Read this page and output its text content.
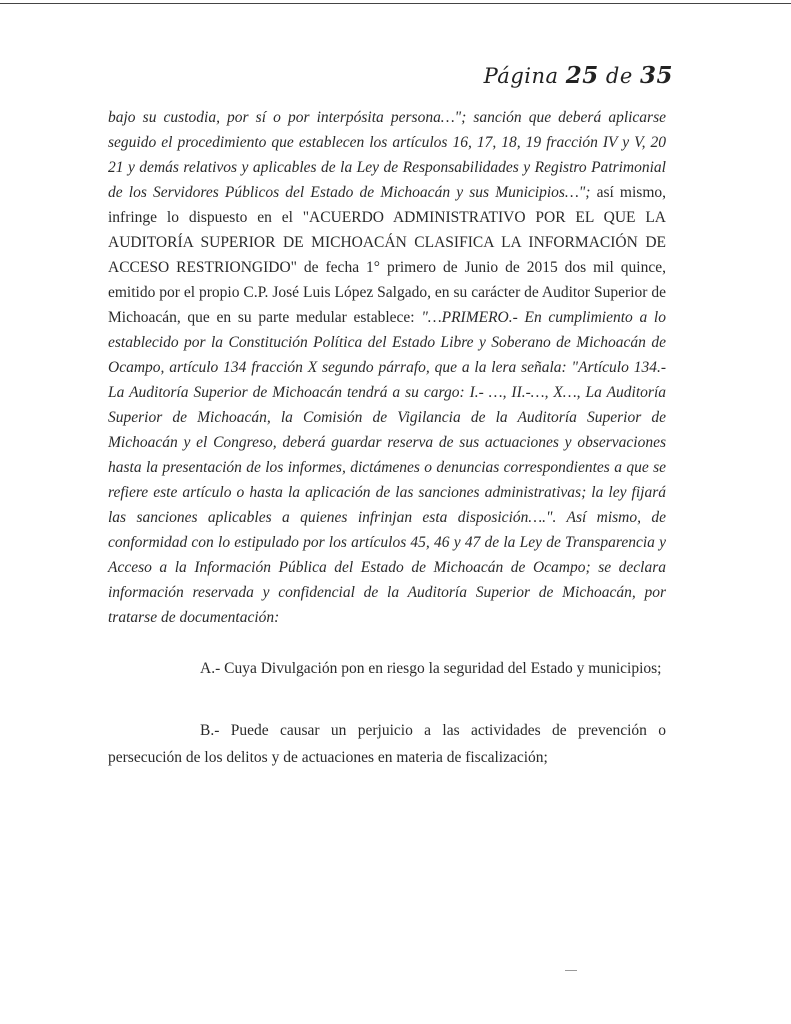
Página 25 de 35

bajo su custodia, por sí o por interpósita persona…"; sanción que deberá aplicarse seguido el procedimiento que establecen los artículos 16, 17, 18, 19 fracción IV y V, 20 21 y demás relativos y aplicables de la Ley de Responsabilidades y Registro Patrimonial de los Servidores Públicos del Estado de Michoacán y sus Municipios…"; así mismo, infringe lo dispuesto en el "ACUERDO ADMINISTRATIVO POR EL QUE LA AUDITORÍA SUPERIOR DE MICHOACÁN CLASIFICA LA INFORMACIÓN DE ACCESO RESTRIONGIDO" de fecha 1° primero de Junio de 2015 dos mil quince, emitido por el propio C.P. José Luis López Salgado, en su carácter de Auditor Superior de Michoacán, que en su parte medular establece: "…PRIMERO.- En cumplimiento a lo establecido por la Constitución Política del Estado Libre y Soberano de Michoacán de Ocampo, artículo 134 fracción X segundo párrafo, que a la lera señala: "Artículo 134.- La Auditoría Superior de Michoacán tendrá a su cargo: I.- …, II.-…, X…, La Auditoría Superior de Michoacán, la Comisión de Vigilancia de la Auditoría Superior de Michoacán y el Congreso, deberá guardar reserva de sus actuaciones y observaciones hasta la presentación de los informes, dictámenes o denuncias correspondientes a que se refiere este artículo o hasta la aplicación de las sanciones administrativas; la ley fijará las sanciones aplicables a quienes infrinjan esta disposición….". Así mismo, de conformidad con lo estipulado por los artículos 45, 46 y 47 de la Ley de Transparencia y Acceso a la Información Pública del Estado de Michoacán de Ocampo; se declara información reservada y confidencial de la Auditoría Superior de Michoacán, por tratarse de documentación:

A.- Cuya Divulgación pon en riesgo la seguridad del Estado y municipios;

B.- Puede causar un perjuicio a las actividades de prevención o persecución de los delitos y de actuaciones en materia de fiscalización;
